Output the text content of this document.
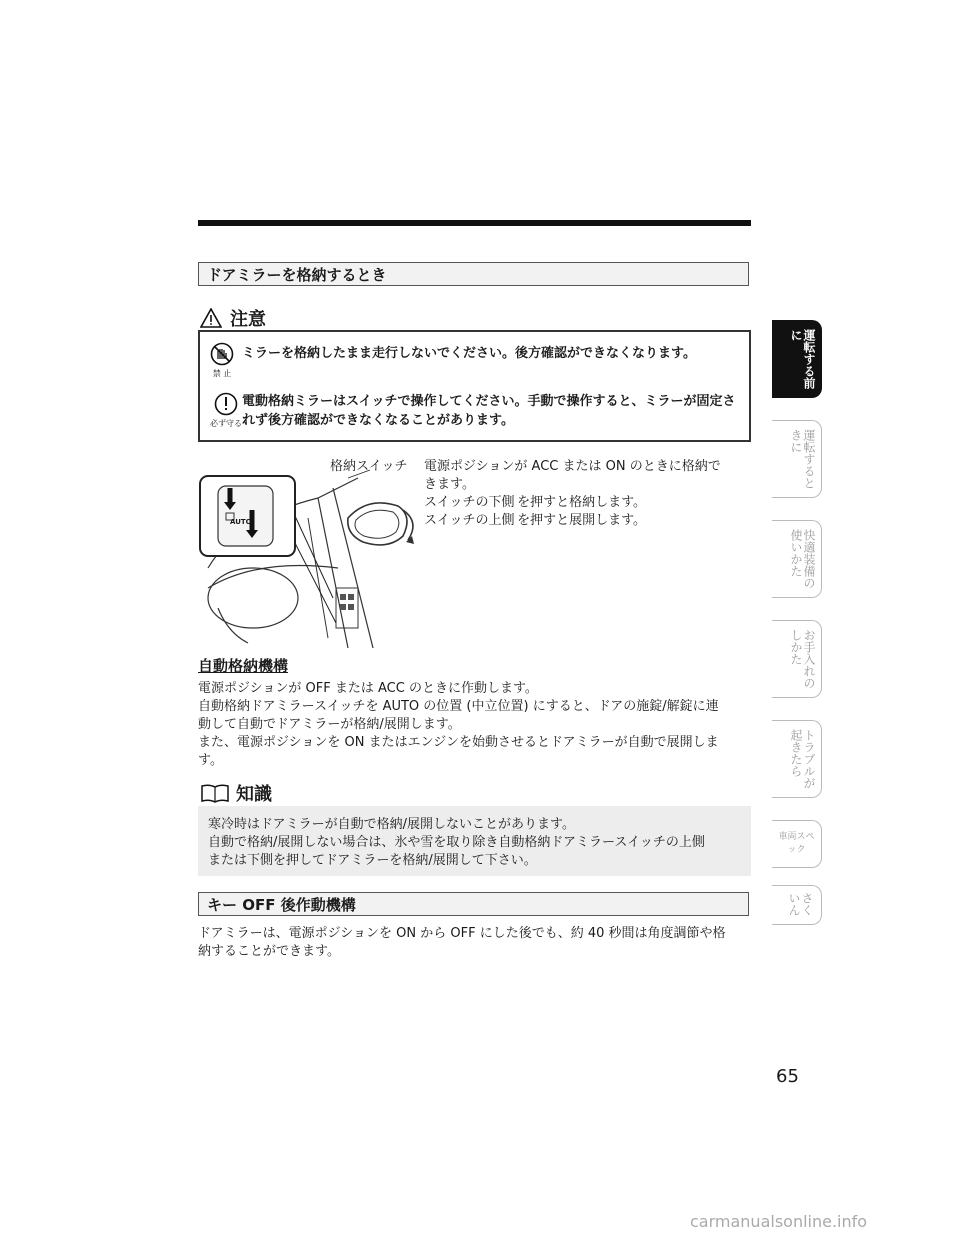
ドアミラーを格納するとき
注意
禁 止
ミラーを格納したまま走行しないでください。後方確認ができなくなります。
必ず守る
電動格納ミラーはスイッチで操作してください。手動で操作すると、ミラーが固定されず後方確認ができなくなることがあります。
AUTO
格納スイッチ 電源ポジションが ACC または ON のときに格納で
きます。
スイッチの下側 を押すと格納します。
スイッチの上側 を押すと展開します。
自動格納機構
電源ポジションが OFF または ACC のときに作動します。
自動格納ドアミラースイッチを AUTO の位置 (中立位置) にすると、ドアの施錠/解錠に連
動して自動でドアミラーが格納/展開します。
また、電源ポジションを ON またはエンジンを始動させるとドアミラーが自動で展開しま
す。
知識
寒冷時はドアミラーが自動で格納/展開しないことがあります。
自動で格納/展開しない場合は、氷や雪を取り除き自動格納ドアミラースイッチの上側
または下側を押してドアミラーを格納/展開して下さい。
キー OFF 後作動機構
ドアミラーは、電源ポジションを ON から OFF にした後でも、約 40 秒間は角度調節や格
納することができます。
運転する前に
運転するときに
快適装備の使いかた
お手入れのしかた
トラブルが起きたら
車両スペック
さくいん
65
carmanualsonline.info
